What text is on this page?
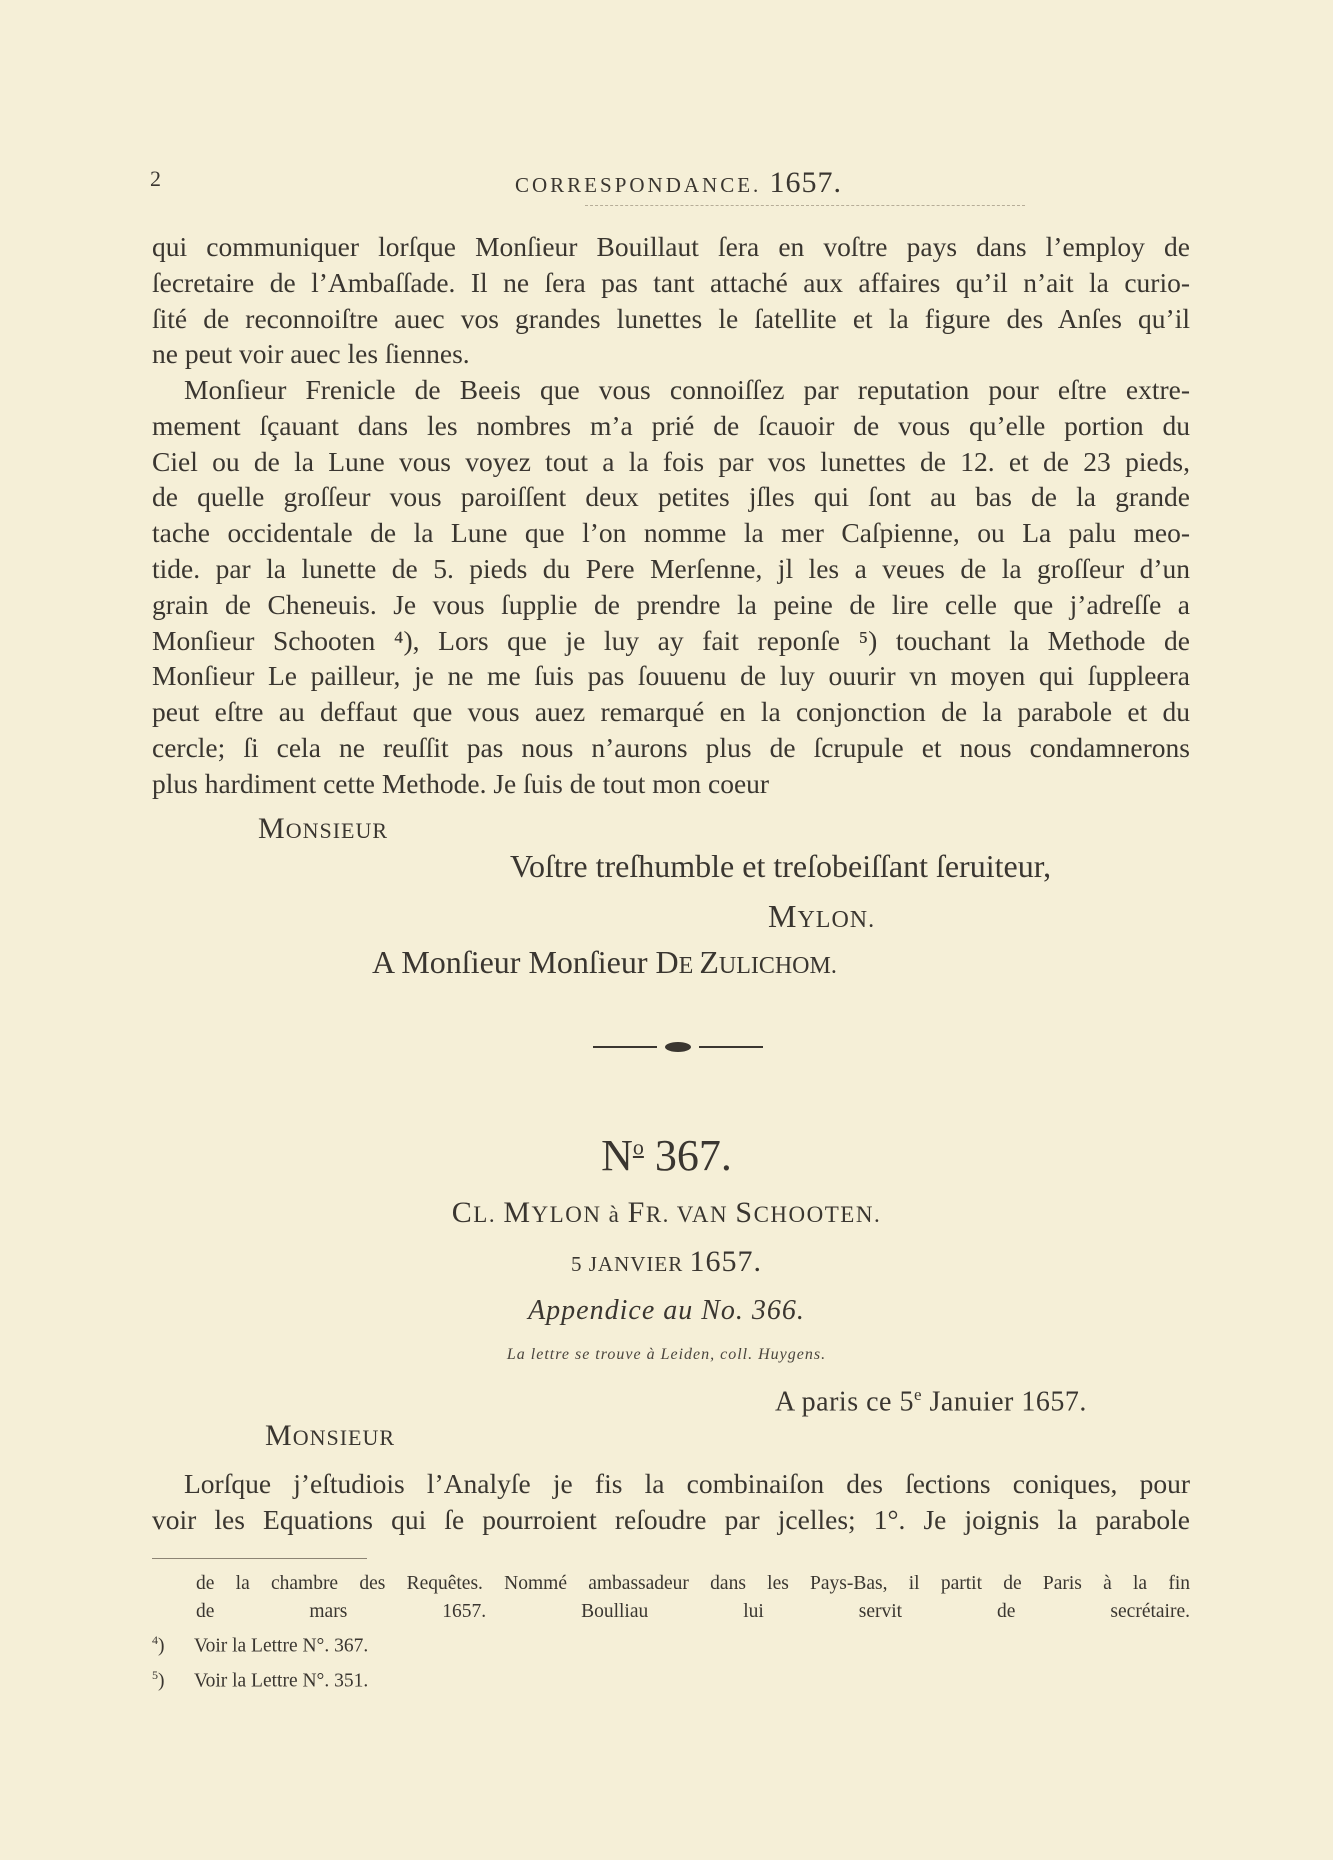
2	CORRESPONDANCE. 1657.
qui communiquer lorſque Monſieur Bouillaut ſera en voſtre pays dans l’employ de
ſecretaire de l’Ambaſſade. Il ne ſera pas tant attaché aux affaires qu’il n’ait la curio-
ſité de reconnoiſtre auec vos grandes lunettes le ſatellite et la figure des Anſes qu’il
ne peut voir auec les ſiennes.
Monſieur Frenicle de Beeis que vous connoiſſez par reputation pour eſtre extre-
mement ſçauant dans les nombres m’a prié de ſcauoir de vous qu’elle portion du
Ciel ou de la Lune vous voyez tout a la fois par vos lunettes de 12. et de 23 pieds,
de quelle groſſeur vous paroiſſent deux petites jſles qui ſont au bas de la grande
tache occidentale de la Lune que l’on nomme la mer Caſpienne, ou La palu meo-
tide. par la lunette de 5. pieds du Pere Merſenne, jl les a veues de la groſſeur d’un
grain de Cheneuis. Je vous ſupplie de prendre la peine de lire celle que j’adreſſe a
Monſieur Schooten ⁴), Lors que je luy ay fait reponſe ⁵) touchant la Methode de
Monſieur Le pailleur, je ne me ſuis pas ſouuenu de luy ouurir vn moyen qui ſuppleera
peut eſtre au deffaut que vous auez remarqué en la conjonction de la parabole et du
cercle; ſi cela ne reuſſit pas nous n’aurons plus de ſcrupule et nous condamnerons
plus hardiment cette Methode. Je ſuis de tout mon coeur
MONSIEUR
Voſtre treſhumble et treſobeiſſant ſeruiteur,
MYLON.
A Monſieur Monſieur DE ZULICHOM.
$N^o$ 367.
CL. MYLON à FR. VAN SCHOOTEN.
5 JANVIER 1657.
Appendice au No. 366.
La lettre se trouve à Leiden, coll. Huygens.
A paris ce 5e Januier 1657.
MONSIEUR
Lorſque j’eſtudiois l’Analyſe je fis la combinaiſon des ſections coniques, pour
voir les Equations qui ſe pourroient reſoudre par jcelles; 1°. Je joignis la parabole
de la chambre des Requêtes. Nommé ambassadeur dans les Pays-Bas, il partit de Paris à la fin
de mars 1657. Boulliau lui servit de secrétaire.
$^4$) Voir la Lettre N°. 367.
$^5$) Voir la Lettre N°. 351.
